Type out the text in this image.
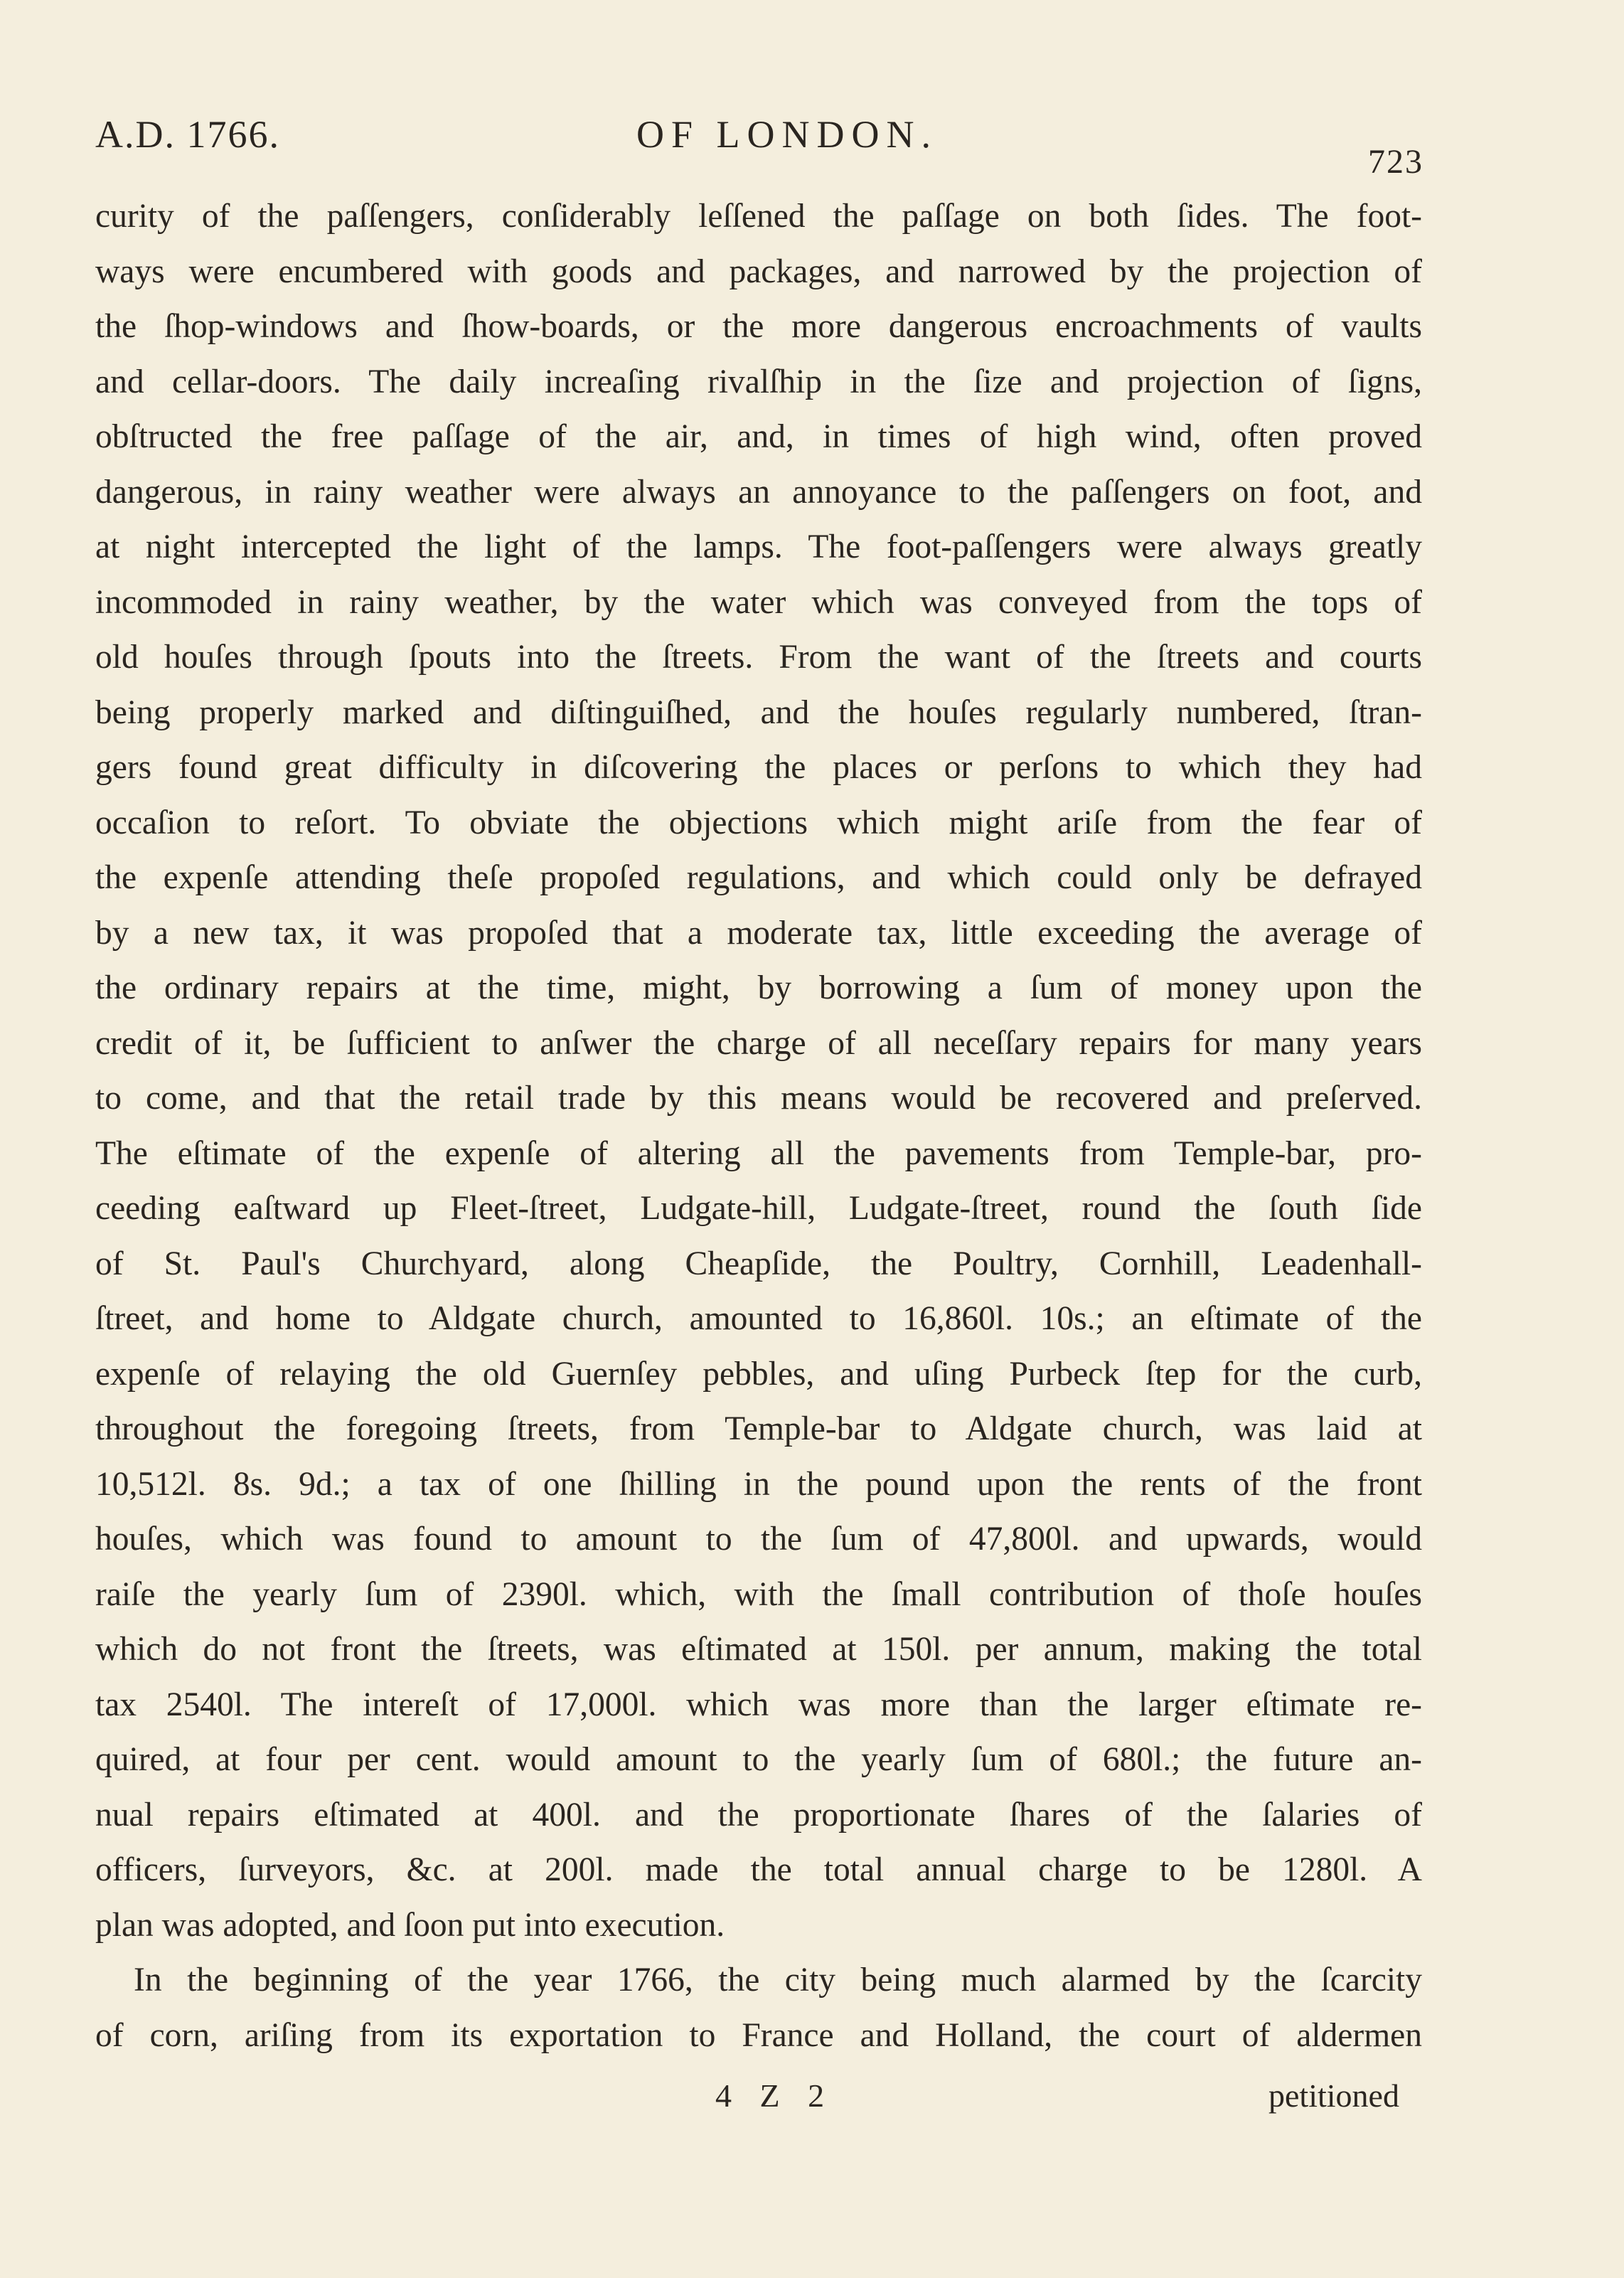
A.D. 1766.	OF LONDON.
723
curity of the paſſengers, conſiderably leſſened the paſſage on both ſides. The foot-
ways were encumbered with goods and packages, and narrowed by the projection of
the ſhop-windows and ſhow-boards, or the more dangerous encroachments of vaults
and cellar-doors. The daily increaſing rivalſhip in the ſize and projection of ſigns,
obſtructed the free paſſage of the air, and, in times of high wind, often proved
dangerous, in rainy weather were always an annoyance to the paſſengers on foot, and
at night intercepted the light of the lamps. The foot-paſſengers were always greatly
incommoded in rainy weather, by the water which was conveyed from the tops of
old houſes through ſpouts into the ſtreets. From the want of the ſtreets and courts
being properly marked and diſtinguiſhed, and the houſes regularly numbered, ſtran-
gers found great difficulty in diſcovering the places or perſons to which they had
occaſion to reſort. To obviate the objections which might ariſe from the fear of
the expenſe attending theſe propoſed regulations, and which could only be defrayed
by a new tax, it was propoſed that a moderate tax, little exceeding the average of
the ordinary repairs at the time, might, by borrowing a ſum of money upon the
credit of it, be ſufficient to anſwer the charge of all neceſſary repairs for many years
to come, and that the retail trade by this means would be recovered and preſerved.
The eſtimate of the expenſe of altering all the pavements from Temple-bar, pro-
ceeding eaſtward up Fleet-ſtreet, Ludgate-hill, Ludgate-ſtreet, round the ſouth ſide
of St. Paul's Churchyard, along Cheapſide, the Poultry, Cornhill, Leadenhall-
ſtreet, and home to Aldgate church, amounted to 16,860l. 10s.; an eſtimate of the
expenſe of relaying the old Guernſey pebbles, and uſing Purbeck ſtep for the curb,
throughout the foregoing ſtreets, from Temple-bar to Aldgate church, was laid at
10,512l. 8s. 9d.; a tax of one ſhilling in the pound upon the rents of the front
houſes, which was found to amount to the ſum of 47,800l. and upwards, would
raiſe the yearly ſum of 2390l. which, with the ſmall contribution of thoſe houſes
which do not front the ſtreets, was eſtimated at 150l. per annum, making the total
tax 2540l. The intereſt of 17,000l. which was more than the larger eſtimate re-
quired, at four per cent. would amount to the yearly ſum of 680l.; the future an-
nual repairs eſtimated at 400l. and the proportionate ſhares of the ſalaries of
officers, ſurveyors, &c. at 200l. made the total annual charge to be 1280l. A
plan was adopted, and ſoon put into execution.
In the beginning of the year 1766, the city being much alarmed by the ſcarcity
of corn, ariſing from its exportation to France and Holland, the court of aldermen
4 Z 2	petitioned
